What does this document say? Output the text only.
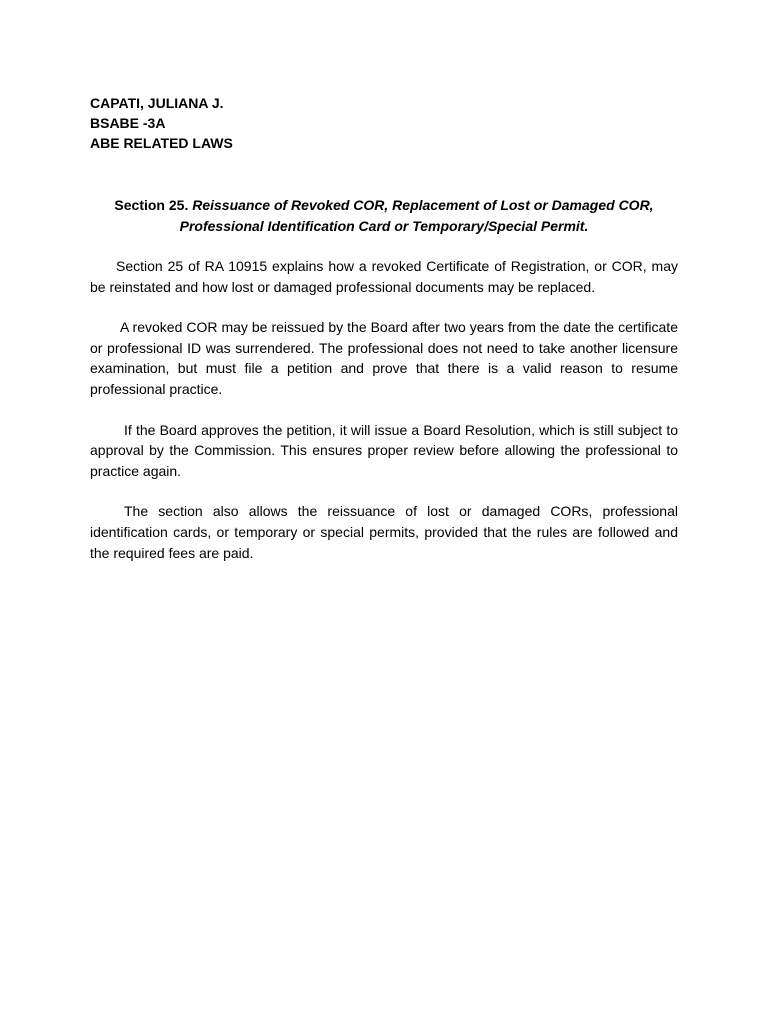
CAPATI, JULIANA J.
BSABE -3A
ABE RELATED LAWS
Section 25. Reissuance of Revoked COR, Replacement of Lost or Damaged COR, Professional Identification Card or Temporary/Special Permit.

Section 25 of RA 10915 explains how a revoked Certificate of Registration, or COR, may be reinstated and how lost or damaged professional documents may be replaced.

A revoked COR may be reissued by the Board after two years from the date the certificate or professional ID was surrendered. The professional does not need to take another licensure examination, but must file a petition and prove that there is a valid reason to resume professional practice.

If the Board approves the petition, it will issue a Board Resolution, which is still subject to approval by the Commission. This ensures proper review before allowing the professional to practice again.

The section also allows the reissuance of lost or damaged CORs, professional identification cards, or temporary or special permits, provided that the rules are followed and the required fees are paid.
